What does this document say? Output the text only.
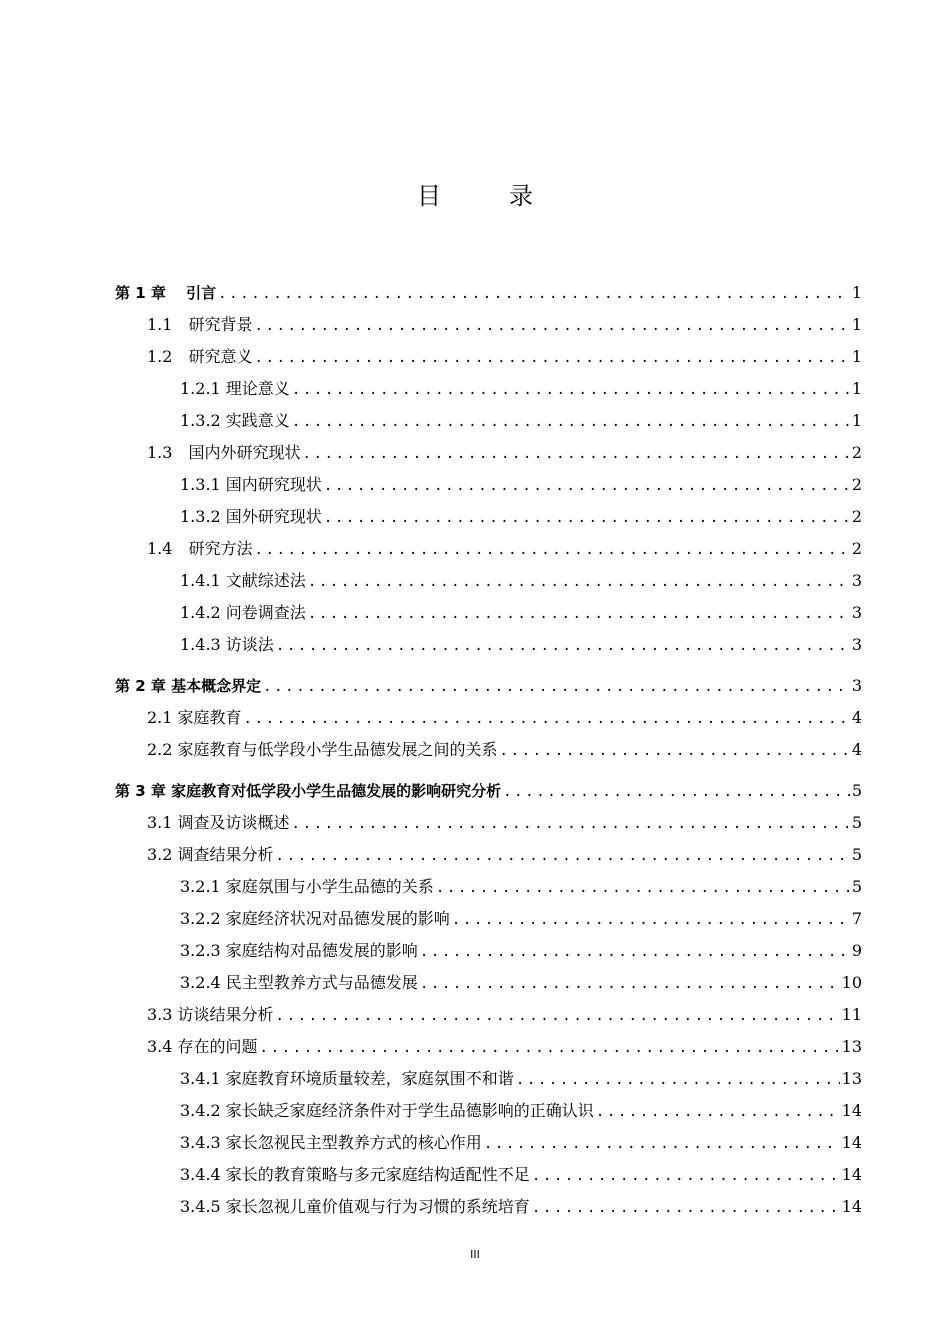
目　录
第 1 章　 引言 .....	1
1.1　研究背景 .....	1
1.2　研究意义 .....	1
1.2.1 理论意义 .....	1
1.3.2 实践意义 .....	1
1.3　国内外研究现状 .....	2
1.3.1 国内研究现状 .....	2
1.3.2 国外研究现状 .....	2
1.4　研究方法 .....	2
1.4.1 文献综述法 .....	3
1.4.2 问卷调查法 .....	3
1.4.3 访谈法 .....	3
第 2 章 基本概念界定 .....	3
2.1 家庭教育 .....	4
2.2 家庭教育与低学段小学生品德发展之间的关系 .....	4
第 3 章 家庭教育对低学段小学生品德发展的影响研究分析 .....	5
3.1 调查及访谈概述 .....	5
3.2 调查结果分析 .....	5
3.2.1 家庭氛围与小学生品德的关系 .....	5
3.2.2 家庭经济状况对品德发展的影响 .....	7
3.2.3 家庭结构对品德发展的影响 .....	9
3.2.4 民主型教养方式与品德发展 .....	10
3.3 访谈结果分析 .....	11
3.4 存在的问题 .....	13
3.4.1 家庭教育环境质量较差，家庭氛围不和谐 .....	13
3.4.2 家长缺乏家庭经济条件对于学生品德影响的正确认识 .....	14
3.4.3 家长忽视民主型教养方式的核心作用 .....	14
3.4.4 家长的教育策略与多元家庭结构适配性不足 .....	14
3.4.5 家长忽视儿童价值观与行为习惯的系统培育 .....	14
III
